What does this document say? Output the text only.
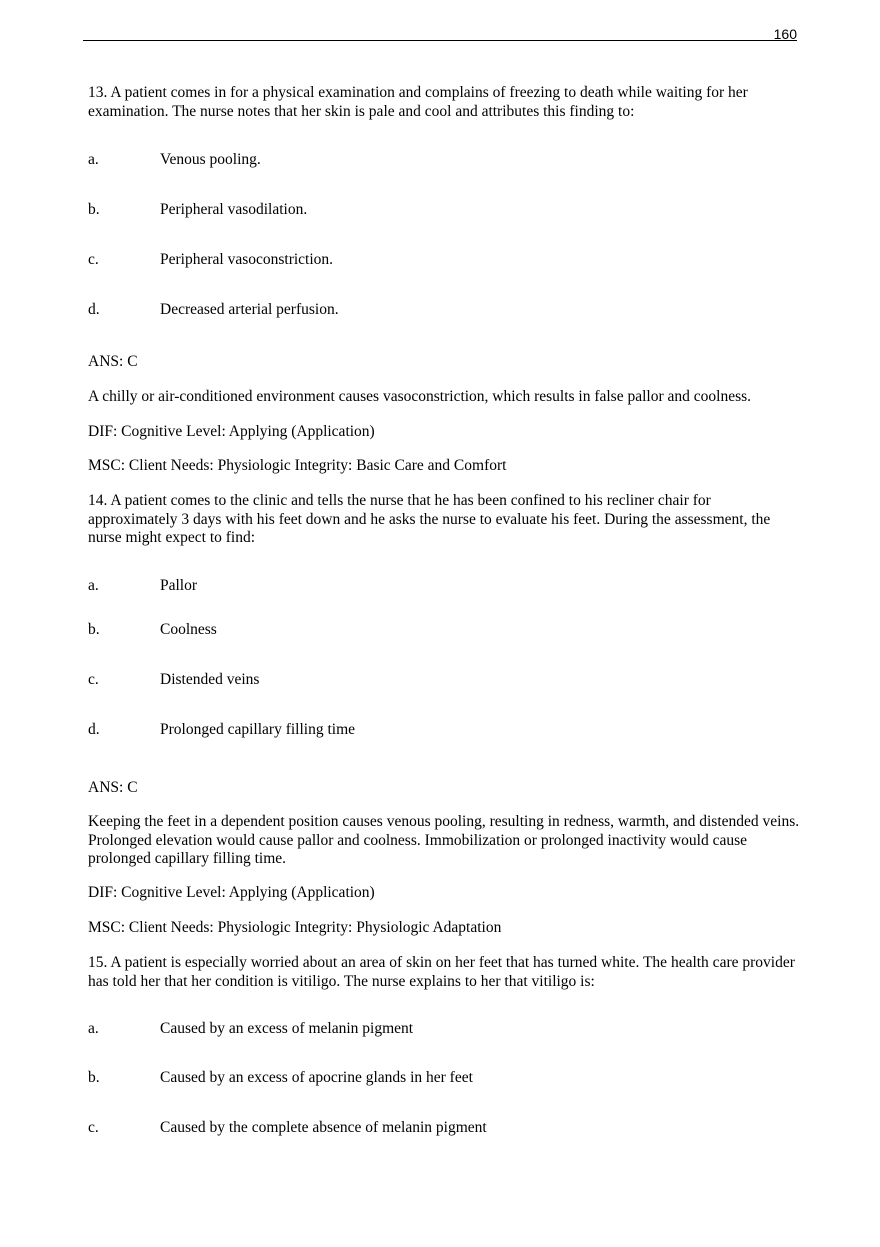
160
13. A patient comes in for a physical examination and complains of freezing to death while waiting for her examination. The nurse notes that her skin is pale and cool and attributes this finding to:
a.	Venous pooling.
b.	Peripheral vasodilation.
c.	Peripheral vasoconstriction.
d.	Decreased arterial perfusion.
ANS: C
A chilly or air-conditioned environment causes vasoconstriction, which results in false pallor and coolness.
DIF: Cognitive Level: Applying (Application)
MSC: Client Needs: Physiologic Integrity: Basic Care and Comfort
14. A patient comes to the clinic and tells the nurse that he has been confined to his recliner chair for approximately 3 days with his feet down and he asks the nurse to evaluate his feet. During the assessment, the nurse might expect to find:
a.	Pallor
b.	Coolness
c.	Distended veins
d.	Prolonged capillary filling time
ANS: C
Keeping the feet in a dependent position causes venous pooling, resulting in redness, warmth, and distended veins. Prolonged elevation would cause pallor and coolness. Immobilization or prolonged inactivity would cause prolonged capillary filling time.
DIF: Cognitive Level: Applying (Application)
MSC: Client Needs: Physiologic Integrity: Physiologic Adaptation
15. A patient is especially worried about an area of skin on her feet that has turned white. The health care provider has told her that her condition is vitiligo. The nurse explains to her that vitiligo is:
a.	Caused by an excess of melanin pigment
b.	Caused by an excess of apocrine glands in her feet
c.	Caused by the complete absence of melanin pigment
